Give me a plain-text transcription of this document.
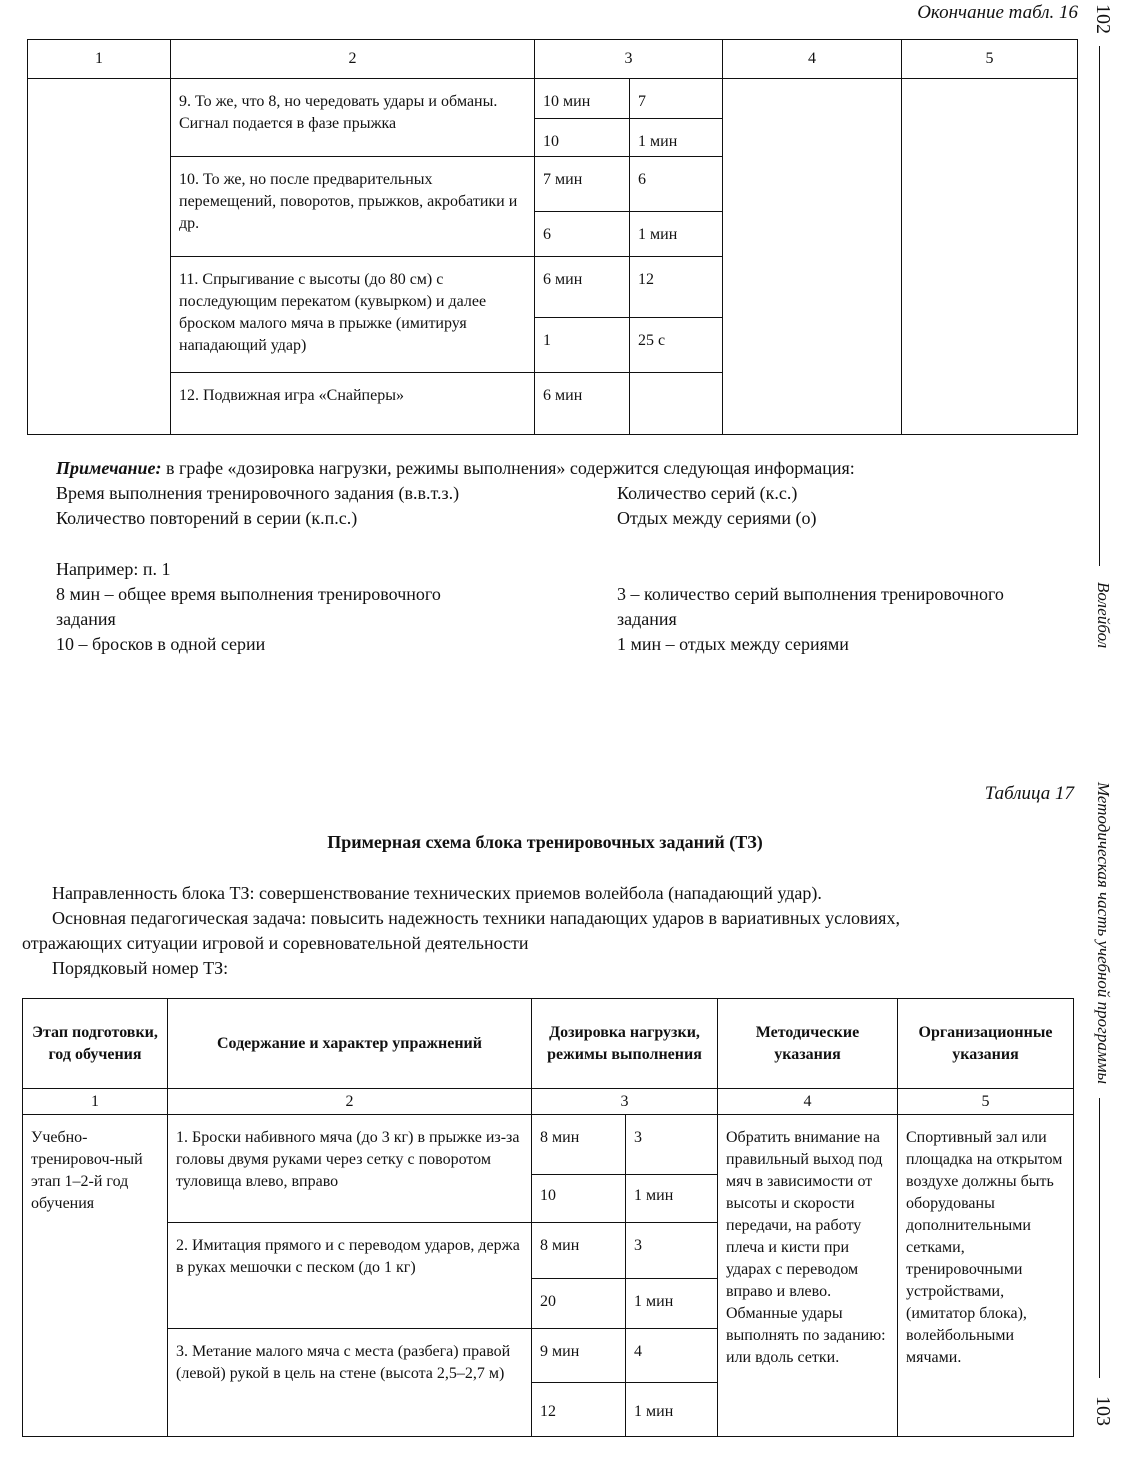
Окончание табл. 16
1	2	3		4	5
	9. То же, что 8, но чередовать удары и обманы. Сигнал подается в фазе прыжка	10 мин	7		
		10	1 мин		
	10. То же, но после предварительных перемещений, поворотов, прыжков, акробатики и др.	7 мин	6		
		6	1 мин		
	11. Спрыгивание с высоты (до 80 см) с последующим перекатом (кувырком) и далее броском малого мяча в прыжке (имитируя нападающий удар)	6 мин	12		
		1	25 с		
	12. Подвижная игра «Снайперы»	6 мин			
Примечание: в графе «дозировка нагрузки, режимы выполнения» содержится следующая информация:
Время выполнения тренировочного задания (в.в.т.з.)	Количество серий (к.с.)
Количество повторений в серии (к.п.с.)	Отдых между сериями (о)
Например: п. 1
8 мин – общее время выполнения тренировочного
задания
3 – количество серий выполнения тренировочного
задания
10 – бросков в одной серии	1 мин – отдых между сериями
Таблица 17
Примерная схема блока тренировочных заданий (ТЗ)
Направленность блока ТЗ: совершенствование технических приемов волейбола (нападающий удар).
Основная педагогическая задача: повысить надежность техники нападающих ударов в вариативных условиях,
отражающих ситуации игровой и соревновательной деятельности
Порядковый номер ТЗ:
Этап подготовки, год обучения	Содержание и характер упражнений	Дозировка нагрузки, режимы выполнения		Методические указания	Организационные указания
1	2	3		4	5
Учебно-тренировоч-ный этап 1–2-й год обучения	1. Броски набивного мяча (до 3 кг) в прыжке из-за головы двумя руками через сетку с поворотом туловища влево, вправо	8 мин	3	Обратить внимание на правильный выход под мяч в зависимости от высоты и скорости передачи, на работу плеча и кисти при ударах с переводом вправо и влево. Обманные удары выполнять по заданию: или вдоль сетки.	Спортивный зал или площадка на открытом воздухе должны быть оборудованы дополнительными сетками, тренировочными устройствами, (имитатор блока), волейбольными мячами.
		10	1 мин		
	2. Имитация прямого и с переводом ударов, держа в руках мешочки с песком (до 1 кг)	8 мин	3		
		20	1 мин		
	3. Метание малого мяча с места (разбега) правой (левой) рукой в цель на стене (высота 2,5–2,7 м)	9 мин	4		
		12	1 мин		
102
Волейбол
Методическая часть учебной программы
103
